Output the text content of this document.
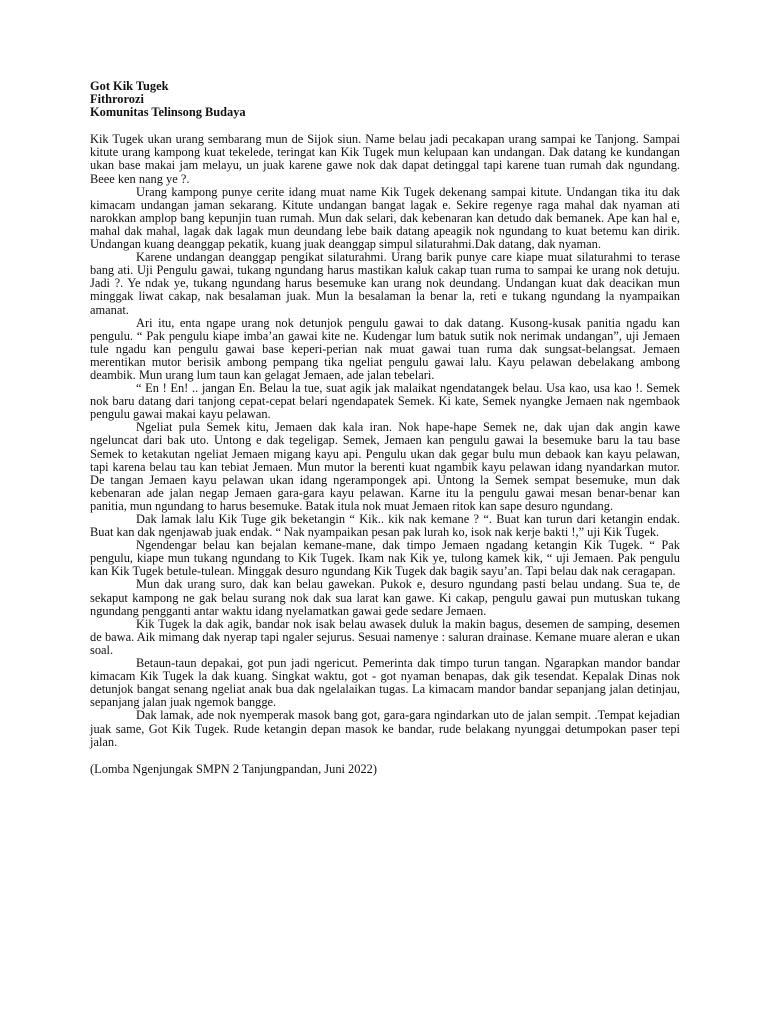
Got Kik Tugek

Fithrorozi

Komunitas Telinsong Budaya

Kik Tugek ukan urang sembarang mun de Sijok siun. Name belau jadi pecakapan urang sampai ke Tanjong. Sampai kitute urang kampong kuat tekelede, teringat kan Kik Tugek mun kelupaan kan undangan. Dak datang ke kundangan ukan base makai jam melayu, un juak karene gawe nok dak dapat detinggal tapi karene tuan rumah dak ngundang. Beee ken nang ye ?.

Urang kampong punye cerite idang muat name Kik Tugek dekenang sampai kitute. Undangan tika itu dak kimacam undangan jaman sekarang. Kitute undangan bangat lagak e. Sekire regenye raga mahal dak nyaman ati narokkan amplop bang kepunjin tuan rumah. Mun dak selari, dak kebenaran kan detudo dak bemanek. Ape kan hal e, mahal dak mahal, lagak dak lagak mun deundang lebe baik datang apeagik nok ngundang to kuat betemu kan dirik. Undangan kuang deanggap pekatik, kuang juak deanggap simpul silaturahmi.Dak datang, dak nyaman.

Karene undangan deanggap pengikat silaturahmi. Urang barik punye care kiape muat silaturahmi to terase bang ati. Uji Pengulu gawai, tukang ngundang harus mastikan kaluk cakap tuan ruma to sampai ke urang nok detuju. Jadi ?. Ye ndak ye, tukang ngundang harus besemuke kan urang nok deundang. Undangan kuat dak deacikan mun minggak liwat cakap, nak besalaman juak. Mun la besalaman la benar la, reti e tukang ngundang la nyampaikan amanat.

Ari itu, enta ngape urang nok detunjok pengulu gawai to dak datang. Kusong-kusak panitia ngadu kan pengulu. “ Pak pengulu kiape imba’an gawai kite ne. Kudengar lum batuk sutik nok nerimak undangan”, uji Jemaen tule ngadu kan pengulu gawai base keperi-perian nak muat gawai tuan ruma dak sungsat-belangsat. Jemaen merentikan mutor berisik ambong pempang tika ngeliat pengulu gawai lalu. Kayu pelawan debelakang ambong deambik. Mun urang lum taun kan gelagat Jemaen, ade jalan tebelari.

“ En ! En! .. jangan En. Belau la tue, suat agik jak malaikat ngendatangek belau. Usa kao, usa kao !. Semek nok baru datang dari tanjong cepat-cepat belari ngendapatek Semek. Ki kate, Semek nyangke Jemaen nak ngembaok pengulu gawai makai kayu pelawan.

Ngeliat pula Semek kitu, Jemaen dak kala iran. Nok hape-hape Semek ne, dak ujan dak angin kawe ngeluncat dari bak uto. Untong e dak tegeligap. Semek, Jemaen kan pengulu gawai la besemuke baru la tau base Semek to ketakutan ngeliat Jemaen migang kayu api. Pengulu ukan dak gegar bulu mun debaok kan kayu pelawan, tapi karena belau tau kan tebiat Jemaen. Mun mutor la berenti kuat ngambik kayu pelawan idang nyandarkan mutor. De tangan Jemaen kayu pelawan ukan idang ngerampongek api. Untong la Semek sempat besemuke, mun dak kebenaran ade jalan negap Jemaen gara-gara kayu pelawan. Karne itu la pengulu gawai mesan benar-benar kan panitia, mun ngundang to harus besemuke. Batak itula nok muat Jemaen ritok kan sape desuro ngundang.

Dak lamak lalu Kik Tuge gik beketangin “ Kik.. kik nak kemane ? “. Buat kan turun dari ketangin endak. Buat kan dak ngenjawab juak endak. “ Nak nyampaikan pesan pak lurah ko, isok nak kerje bakti !,” uji Kik Tugek.

Ngendengar belau kan bejalan kemane-mane, dak timpo Jemaen ngadang ketangin Kik Tugek. “ Pak pengulu, kiape mun tukang ngundang to Kik Tugek. Ikam nak Kik ye, tulong kamek kik, “ uji Jemaen. Pak pengulu kan Kik Tugek betule-tulean. Minggak desuro ngundang Kik Tugek dak bagik sayu’an. Tapi belau dak nak ceragapan.

Mun dak urang suro, dak kan belau gawekan. Pukok e, desuro ngundang pasti belau undang. Sua te, de sekaput kampong ne gak belau surang nok dak sua larat kan gawe. Ki cakap, pengulu gawai pun mutuskan tukang ngundang pengganti antar waktu idang nyelamatkan gawai gede sedare Jemaen.

Kik Tugek la dak agik, bandar nok isak belau awasek duluk la makin bagus, desemen de samping, desemen de bawa. Aik mimang dak nyerap tapi ngaler sejurus. Sesuai namenye : saluran drainase. Kemane muare aleran e ukan soal.

Betaun-taun depakai, got pun jadi ngericut. Pemerinta dak timpo turun tangan. Ngarapkan mandor bandar kimacam Kik Tugek la dak kuang. Singkat waktu, got - got nyaman benapas, dak gik tesendat. Kepalak Dinas nok detunjok bangat senang ngeliat anak bua dak ngelalaikan tugas. La kimacam mandor bandar sepanjang jalan detinjau, sepanjang jalan juak ngemok bangge.

Dak lamak, ade nok nyemperak masok bang got, gara-gara ngindarkan uto de jalan sempit. .Tempat kejadian juak same, Got Kik Tugek. Rude ketangin depan masok ke bandar, rude belakang nyunggai detumpokan paser tepi jalan.

(Lomba Ngenjungak SMPN 2 Tanjungpandan, Juni 2022)
